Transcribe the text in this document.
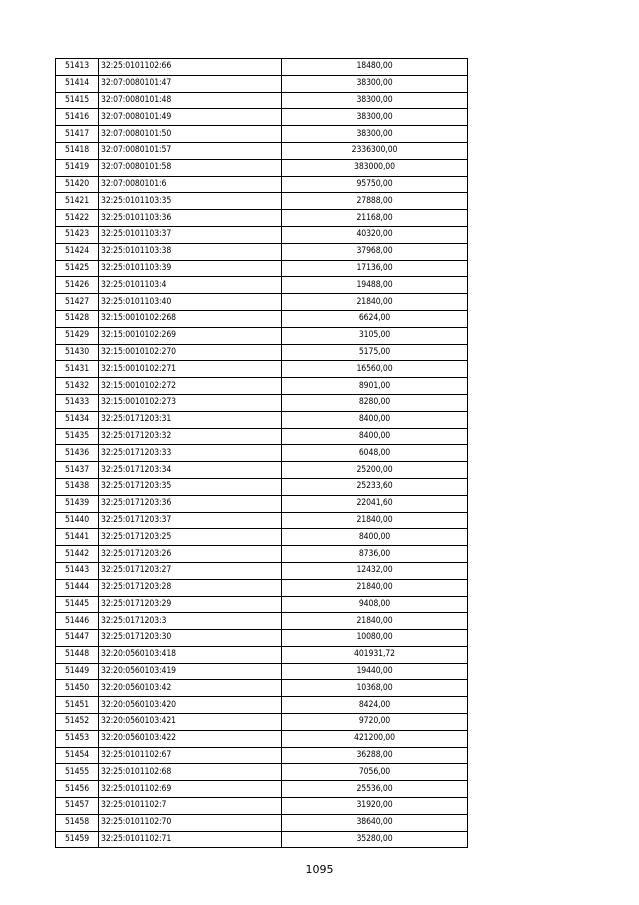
51413	32:25:0101102:66	18480,00
51414	32:07:0080101:47	38300,00
51415	32:07:0080101:48	38300,00
51416	32:07:0080101:49	38300,00
51417	32:07:0080101:50	38300,00
51418	32:07:0080101:57	2336300,00
51419	32:07:0080101:58	383000,00
51420	32:07:0080101:6	95750,00
51421	32:25:0101103:35	27888,00
51422	32:25:0101103:36	21168,00
51423	32:25:0101103:37	40320,00
51424	32:25:0101103:38	37968,00
51425	32:25:0101103:39	17136,00
51426	32:25:0101103:4	19488,00
51427	32:25:0101103:40	21840,00
51428	32:15:0010102:268	6624,00
51429	32:15:0010102:269	3105,00
51430	32:15:0010102:270	5175,00
51431	32:15:0010102:271	16560,00
51432	32:15:0010102:272	8901,00
51433	32:15:0010102:273	8280,00
51434	32:25:0171203:31	8400,00
51435	32:25:0171203:32	8400,00
51436	32:25:0171203:33	6048,00
51437	32:25:0171203:34	25200,00
51438	32:25:0171203:35	25233,60
51439	32:25:0171203:36	22041,60
51440	32:25:0171203:37	21840,00
51441	32:25:0171203:25	8400,00
51442	32:25:0171203:26	8736,00
51443	32:25:0171203:27	12432,00
51444	32:25:0171203:28	21840,00
51445	32:25:0171203:29	9408,00
51446	32:25:0171203:3	21840,00
51447	32:25:0171203:30	10080,00
51448	32:20:0560103:418	401931,72
51449	32:20:0560103:419	19440,00
51450	32:20:0560103:42	10368,00
51451	32:20:0560103:420	8424,00
51452	32:20:0560103:421	9720,00
51453	32:20:0560103:422	421200,00
51454	32:25:0101102:67	36288,00
51455	32:25:0101102:68	7056,00
51456	32:25:0101102:69	25536,00
51457	32:25:0101102:7	31920,00
51458	32:25:0101102:70	38640,00
51459	32:25:0101102:71	35280,00
1095
